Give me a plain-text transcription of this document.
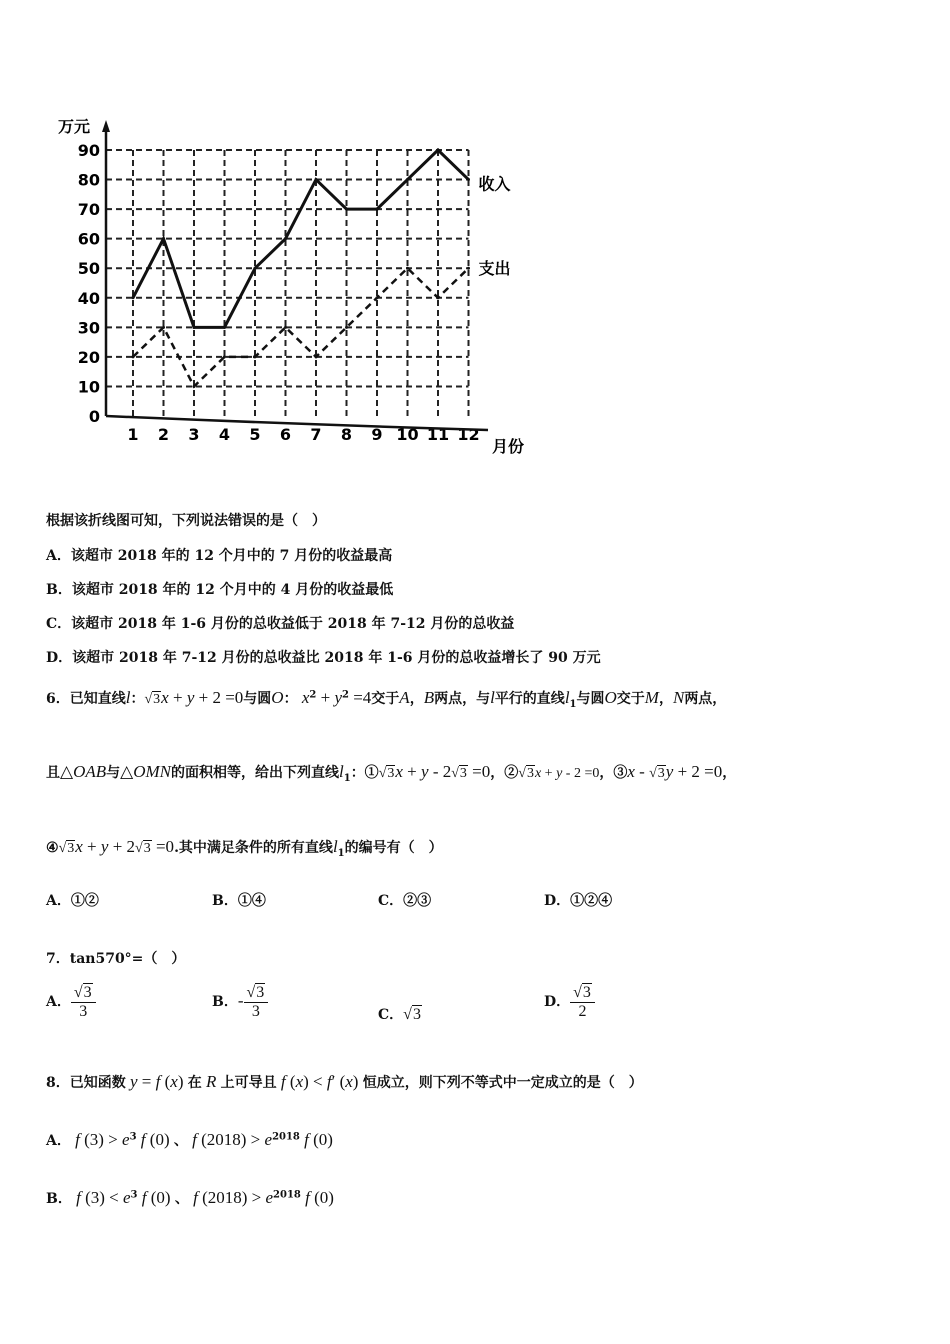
0
10
20
30
40
50
60
70
80
90
1 2 3 4 5 6 7 8 9 10 11 12
收入
支出
万元
月份
根据该折线图可知，下列说法错误的是（　）
A．该超市 2018 年的 12 个月中的 7 月份的收益最高
B．该超市 2018 年的 12 个月中的 4 月份的收益最低
C．该超市 2018 年 1-6 月份的总收益低于 2018 年 7-12 月份的总收益
D．该超市 2018 年 7-12 月份的总收益比 2018 年 1-6 月份的总收益增长了 90 万元
6．已知直线l：√3x + y + 2 =0与圆O： $x^2 + y^2 =4$交于A，B两点，与l平行的直线$l_1$与圆O交于M，N两点，
且△OAB与△OMN的面积相等，给出下列直线$l_1$：①√3x + y - 2√3 =0，②√3x + y - 2 =0，③x - √3y + 2 =0，
④√3x + y + 2√3 =0.其中满足条件的所有直线$l_1$的编号有（　）
A．①②	B．①④	C．②③	D．①②④
7．tan570°=（　）
A． $\frac{√3}{3}$	B．- $\frac{√3}{3}$	C．√3
D． $\frac{√3}{2}$
8．已知函数 y = f (x) 在 R 上可导且 f (x) < f′ (x) 恒成立，则下列不等式中一定成立的是（　）
A． f $(3) > e^3$ f (0) 、 f $(2018) > e^{2018}$ f (0)
B． f $(3) < e^3$ f (0) 、 f $(2018) > e^{2018}$ f (0)
